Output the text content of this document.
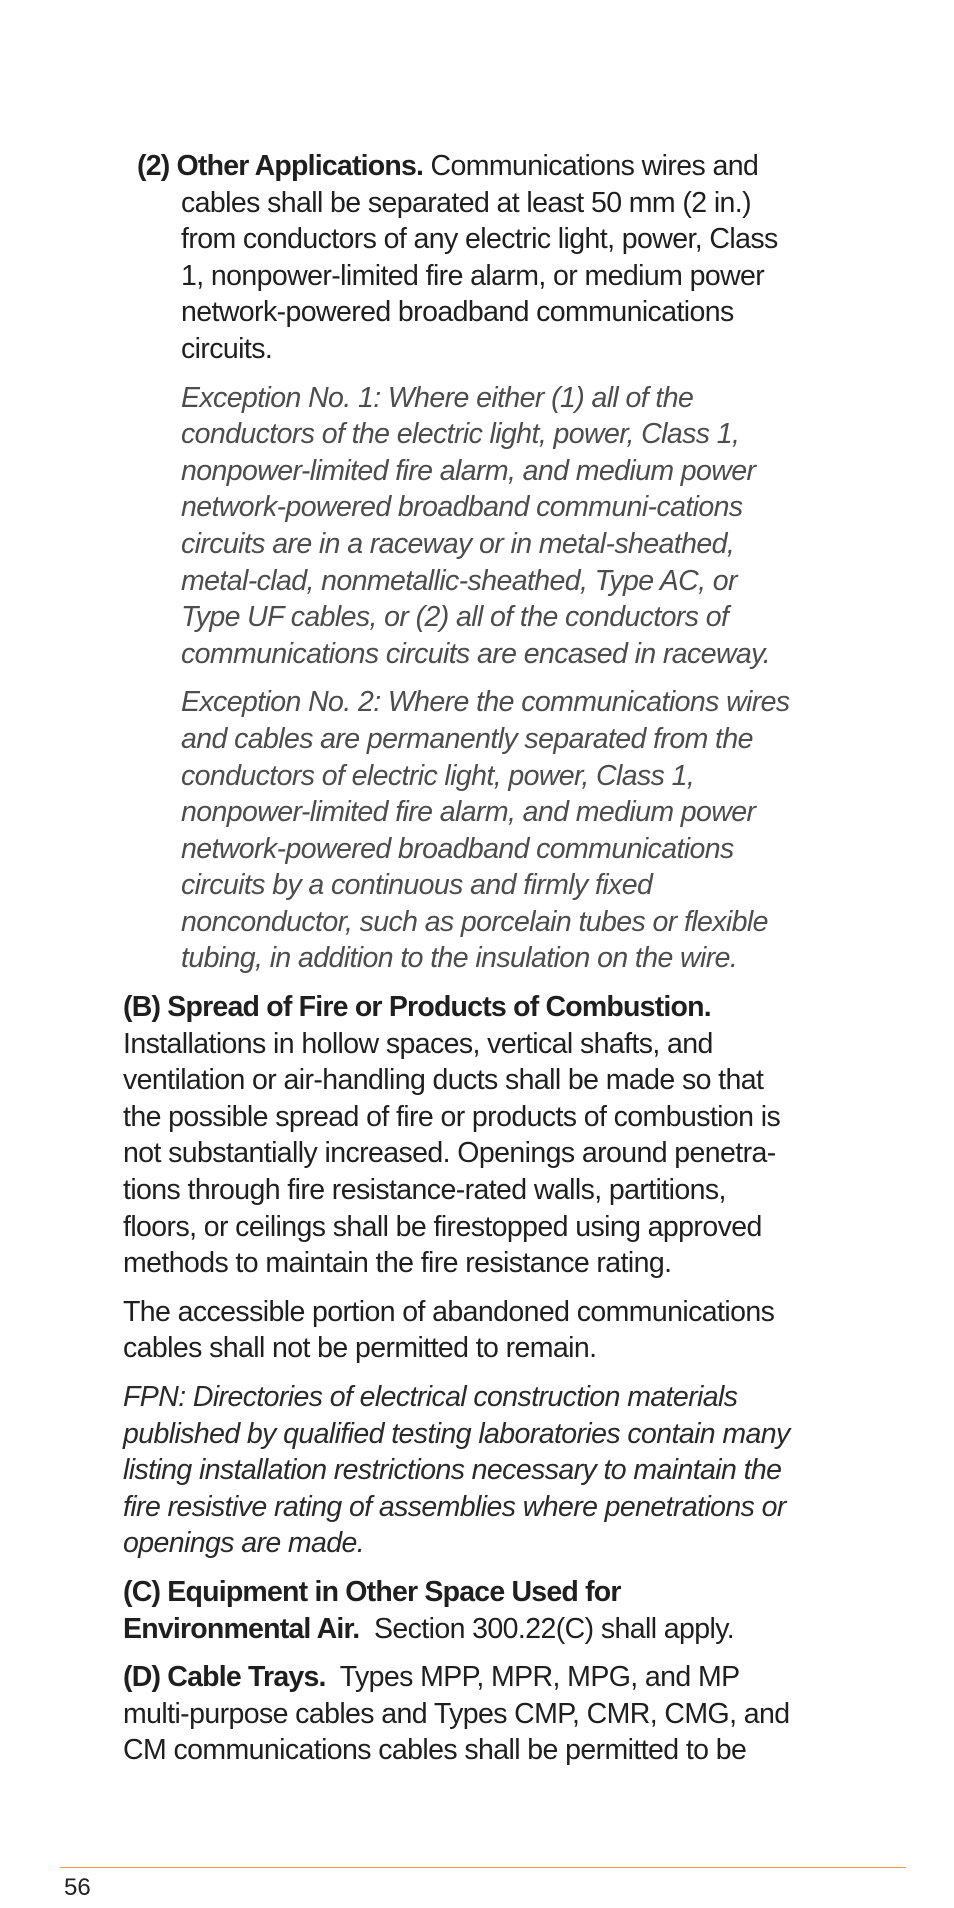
(2) Other Applications. Communications wires and cables shall be separated at least 50 mm (2 in.) from conductors of any electric light, power, Class 1, nonpower-limited fire alarm, or medium power network-powered broadband communications circuits.

Exception No. 1: Where either (1) all of the conductors of the electric light, power, Class 1, nonpower-limited fire alarm, and medium power network-powered broadband communi-cations circuits are in a raceway or in metal-sheathed, metal-clad, nonmetallic-sheathed, Type AC, or Type UF cables, or (2) all of the conductors of communications circuits are encased in raceway.

Exception No. 2: Where the communications wires and cables are permanently separated from the conductors of electric light, power, Class 1, nonpower-limited fire alarm, and medium power network-powered broadband communications circuits by a continuous and firmly fixed nonconductor, such as porcelain tubes or flexible tubing, in addition to the insulation on the wire.

(B) Spread of Fire or Products of Combustion. Installations in hollow spaces, vertical shafts, and ventilation or air-handling ducts shall be made so that the possible spread of fire or products of combustion is not substantially increased. Openings around penetra-tions through fire resistance-rated walls, partitions, floors, or ceilings shall be firestopped using approved methods to maintain the fire resistance rating.

The accessible portion of abandoned communications cables shall not be permitted to remain.

FPN: Directories of electrical construction materials published by qualified testing laboratories contain many listing installation restrictions necessary to maintain the fire resistive rating of assemblies where penetrations or openings are made.

(C) Equipment in Other Space Used for Environmental Air.  Section 300.22(C) shall apply.

(D) Cable Trays.  Types MPP, MPR, MPG, and MP multi-purpose cables and Types CMP, CMR, CMG, and CM communications cables shall be permitted to be

56
